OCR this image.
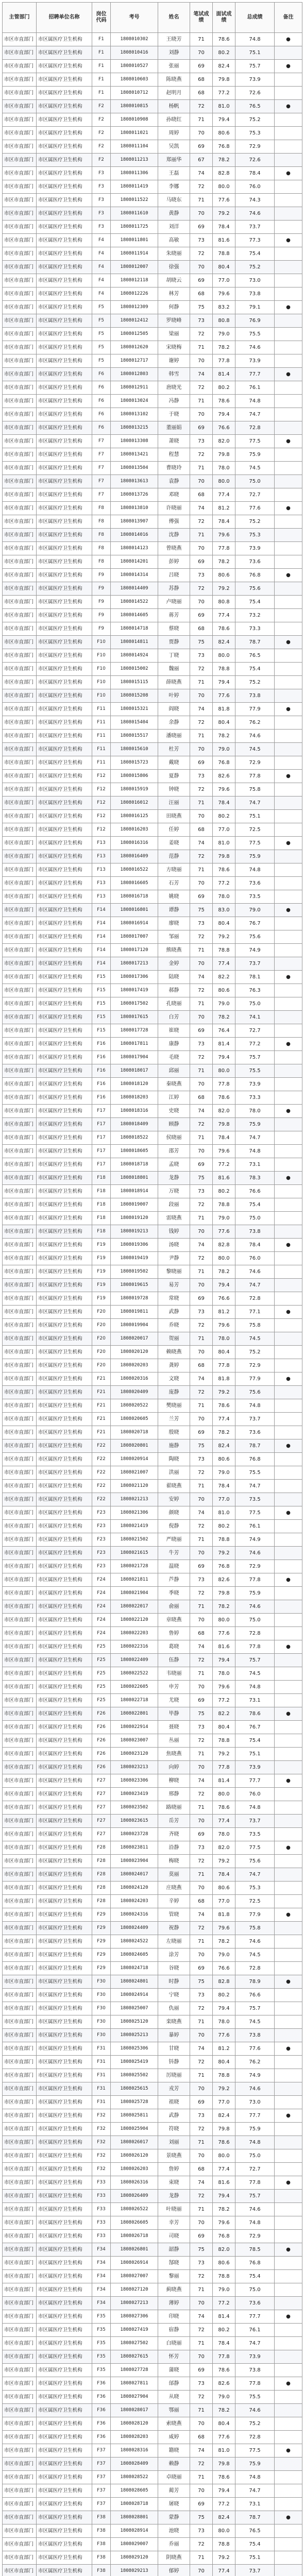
主管部门	招聘单位名称	岗位代码	考号	姓名	笔试成绩	面试成绩	总成绩	备注
市区市直部门	市区属医疗卫生机构	F1	1808010302	王晓芳	71	78.6	74.8	●
市区市直部门	市区属医疗卫生机构	F1	1808010416	刘静	70	80.2	75.1	
市区市直部门	市区属医疗卫生机构	F1	1808010527	张丽	69	82.4	75.7	●
市区市直部门	市区属医疗卫生机构	F1	1808010603	陈晓燕	68	79.8	73.9	
市区市直部门	市区属医疗卫生机构	F1	1808010712	赵明月	68	77.2	72.6	
市区市直部门	市区属医疗卫生机构	F2	1808010815	杨帆	72	81.0	76.5	●
市区市直部门	市区属医疗卫生机构	F2	1808010908	孙晓红	71	79.4	75.2	
市区市直部门	市区属医疗卫生机构	F2	1808011021	周婷	70	80.6	75.3	
市区市直部门	市区属医疗卫生机构	F2	1808011104	吴凯	69	76.8	72.9	
市区市直部门	市区属医疗卫生机构	F2	1808011213	郑丽华	67	78.2	72.6	
市区市直部门	市区属医疗卫生机构	F3	1808011306	王磊	74	82.8	78.4	●
市区市直部门	市区属医疗卫生机构	F3	1808011419	李娜	72	80.0	76.0	
市区市直部门	市区属医疗卫生机构	F3	1808011522	马晓东	71	77.6	74.3	
市区市直部门	市区属医疗卫生机构	F3	1808011610	黄静	70	79.2	74.6	
市区市直部门	市区属医疗卫生机构	F3	1808011725	刘洋	69	78.4	73.7	
市区市直部门	市区属医疗卫生机构	F4	1808011801	高敏	73	81.6	77.3	●
市区市直部门	市区属医疗卫生机构	F4	1808011914	朱晓丽	72	78.8	75.4	
市区市直部门	市区属医疗卫生机构	F4	1808012007	徐强	70	80.4	75.2	
市区市直部门	市区属医疗卫生机构	F4	1808012118	胡晓云	69	77.0	73.0	
市区市直部门	市区属医疗卫生机构	F4	1808012226	林芳	68	79.6	73.8	
市区市直部门	市区属医疗卫生机构	F5	1808012309	何静	75	83.2	79.1	●
市区市直部门	市区属医疗卫生机构	F5	1808012412	罗晓峰	73	80.8	76.9	
市区市直部门	市区属医疗卫生机构	F5	1808012505	梁丽	72	79.0	75.5	
市区市直部门	市区属医疗卫生机构	F5	1808012620	宋晓梅	71	78.2	74.6	
市区市直部门	市区属医疗卫生机构	F5	1808012717	谢婷	70	77.8	73.9	
市区市直部门	市区属医疗卫生机构	F6	1808012803	韩雪	74	81.4	77.7	●
市区市直部门	市区属医疗卫生机构	F6	1808012911	唐晓光	72	80.2	76.1	
市区市直部门	市区属医疗卫生机构	F6	1808013024	冯静	71	78.6	74.8	
市区市直部门	市区属医疗卫生机构	F6	1808013102	于晓	70	79.4	74.7	
市区市直部门	市区属医疗卫生机构	F6	1808013215	董丽娟	69	76.6	72.8	
市区市直部门	市区属医疗卫生机构	F7	1808013308	萧晓	73	82.0	77.5	●
市区市直部门	市区属医疗卫生机构	F7	1808013421	程慧	72	79.8	75.9	
市区市直部门	市区属医疗卫生机构	F7	1808013504	曹晓玲	71	78.0	74.5	
市区市直部门	市区属医疗卫生机构	F7	1808013613	袁静	70	80.0	75.0	
市区市直部门	市区属医疗卫生机构	F7	1808013726	邓晓	68	77.4	72.7	
市区市直部门	市区属医疗卫生机构	F8	1808013810	许晓丽	74	81.2	77.6	●
市区市直部门	市区属医疗卫生机构	F8	1808013907	傅强	72	78.4	75.2	
市区市直部门	市区属医疗卫生机构	F8	1808014016	沈静	71	79.6	75.3	
市区市直部门	市区属医疗卫生机构	F8	1808014123	曾晓燕	70	77.8	73.9	
市区市直部门	市区属医疗卫生机构	F8	1808014201	彭婷	69	78.2	73.6	
市区市直部门	市区属医疗卫生机构	F9	1808014314	吕晓	73	80.6	76.8	●
市区市直部门	市区属医疗卫生机构	F9	1808014409	苏静	72	79.2	75.6	
市区市直部门	市区属医疗卫生机构	F9	1808014522	卢晓丽	70	80.8	75.4	
市区市直部门	市区属医疗卫生机构	F9	1808014605	蒋芳	69	77.4	73.2	
市区市直部门	市区属医疗卫生机构	F9	1808014718	蔡晓	68	78.6	73.3	
市区市直部门	市区属医疗卫生机构	F10	1808014811	贾静	75	82.4	78.7	●
市区市直部门	市区属医疗卫生机构	F10	1808014924	丁晓	73	80.0	76.5	
市区市直部门	市区属医疗卫生机构	F10	1808015002	魏丽	72	78.8	75.4	
市区市直部门	市区属医疗卫生机构	F10	1808015115	薛晓燕	71	79.4	75.2	
市区市直部门	市区属医疗卫生机构	F10	1808015208	叶婷	70	77.6	73.8	
市区市直部门	市区属医疗卫生机构	F11	1808015321	阎晓	74	81.8	77.9	●
市区市直部门	市区属医疗卫生机构	F11	1808015404	余静	72	80.4	76.2	
市区市直部门	市区属医疗卫生机构	F11	1808015517	潘晓丽	71	78.2	74.6	
市区市直部门	市区属医疗卫生机构	F11	1808015610	杜芳	70	79.0	74.5	
市区市直部门	市区属医疗卫生机构	F11	1808015723	戴晓	69	76.8	72.9	
市区市直部门	市区属医疗卫生机构	F12	1808015806	夏静	73	82.6	77.8	●
市区市直部门	市区属医疗卫生机构	F12	1808015919	钟晓	72	79.6	75.8	
市区市直部门	市区属医疗卫生机构	F12	1808016012	汪丽	71	78.4	74.7	
市区市直部门	市区属医疗卫生机构	F12	1808016125	田晓燕	70	80.2	75.1	
市区市直部门	市区属医疗卫生机构	F12	1808016203	任婷	68	77.0	72.5	
市区市直部门	市区属医疗卫生机构	F13	1808016316	姜晓	74	81.0	77.5	●
市区市直部门	市区属医疗卫生机构	F13	1808016409	范静	72	79.8	75.9	
市区市直部门	市区属医疗卫生机构	F13	1808016522	方晓丽	71	78.6	74.8	
市区市直部门	市区属医疗卫生机构	F13	1808016605	石芳	70	77.2	73.6	
市区市直部门	市区属医疗卫生机构	F13	1808016718	姚晓	69	78.0	73.5	
市区市直部门	市区属医疗卫生机构	F14	1808016801	谭静	75	83.0	79.0	●
市区市直部门	市区属医疗卫生机构	F14	1808016914	廖晓	73	80.4	76.7	
市区市直部门	市区属医疗卫生机构	F14	1808017007	邹丽	72	79.2	75.6	
市区市直部门	市区属医疗卫生机构	F14	1808017120	熊晓燕	71	78.8	74.9	
市区市直部门	市区属医疗卫生机构	F14	1808017213	金婷	70	77.4	73.7	
市区市直部门	市区属医疗卫生机构	F15	1808017306	陆晓	74	82.2	78.1	●
市区市直部门	市区属医疗卫生机构	F15	1808017419	郝静	72	80.6	76.3	
市区市直部门	市区属医疗卫生机构	F15	1808017502	孔晓丽	71	79.0	75.0	
市区市直部门	市区属医疗卫生机构	F15	1808017615	白芳	70	78.2	74.1	
市区市直部门	市区属医疗卫生机构	F15	1808017728	崔晓	69	76.4	72.7	
市区市直部门	市区属医疗卫生机构	F16	1808017811	康静	73	81.4	77.2	●
市区市直部门	市区属医疗卫生机构	F16	1808017904	毛晓	72	79.4	75.7	
市区市直部门	市区属医疗卫生机构	F16	1808018017	邱丽	71	80.0	75.5	
市区市直部门	市区属医疗卫生机构	F16	1808018120	秦晓燕	70	77.8	73.9	
市区市直部门	市区属医疗卫生机构	F16	1808018203	江婷	68	78.6	73.3	
市区市直部门	市区属医疗卫生机构	F17	1808018316	史晓	74	82.0	78.0	●
市区市直部门	市区属医疗卫生机构	F17	1808018409	顾静	72	79.8	75.9	
市区市直部门	市区属医疗卫生机构	F17	1808018522	侯晓丽	71	78.4	74.7	
市区市直部门	市区属医疗卫生机构	F17	1808018605	邵芳	70	79.6	74.8	
市区市直部门	市区属医疗卫生机构	F17	1808018718	孟晓	69	77.2	73.1	
市区市直部门	市区属医疗卫生机构	F18	1808018801	龙静	75	81.6	78.3	●
市区市直部门	市区属医疗卫生机构	F18	1808018914	万晓	73	80.2	76.6	
市区市直部门	市区属医疗卫生机构	F18	1808019007	段丽	72	78.8	75.4	
市区市直部门	市区属医疗卫生机构	F18	1808019120	雷晓燕	71	79.0	75.0	
市区市直部门	市区属医疗卫生机构	F18	1808019213	钱婷	70	77.6	73.8	
市区市直部门	市区属医疗卫生机构	F19	1808019306	汤晓	74	82.8	78.4	●
市区市直部门	市区属医疗卫生机构	F19	1808019419	尹静	72	80.0	76.0	
市区市直部门	市区属医疗卫生机构	F19	1808019502	黎晓丽	71	78.2	74.6	
市区市直部门	市区属医疗卫生机构	F19	1808019615	易芳	70	79.4	74.7	
市区市直部门	市区属医疗卫生机构	F19	1808019728	常晓	69	76.6	72.8	
市区市直部门	市区属医疗卫生机构	F20	1808019811	武静	73	81.2	77.1	●
市区市直部门	市区属医疗卫生机构	F20	1808019904	乔晓	72	79.6	75.8	
市区市直部门	市区属医疗卫生机构	F20	1808020017	贺丽	71	78.0	74.5	
市区市直部门	市区属医疗卫生机构	F20	1808020120	赖晓燕	70	80.4	75.2	
市区市直部门	市区属医疗卫生机构	F20	1808020203	龚婷	68	77.8	72.9	
市区市直部门	市区属医疗卫生机构	F21	1808020316	文晓	74	81.8	77.9	●
市区市直部门	市区属医疗卫生机构	F21	1808020409	庞静	72	79.2	75.6	
市区市直部门	市区属医疗卫生机构	F21	1808020522	樊晓丽	71	78.6	74.8	
市区市直部门	市区属医疗卫生机构	F21	1808020605	兰芳	70	77.4	73.7	
市区市直部门	市区属医疗卫生机构	F21	1808020718	殷晓	69	78.2	73.6	
市区市直部门	市区属医疗卫生机构	F22	1808020801	施静	75	82.4	78.7	●
市区市直部门	市区属医疗卫生机构	F22	1808020914	陶晓	73	80.6	76.8	
市区市直部门	市区属医疗卫生机构	F22	1808021007	洪丽	72	79.0	75.5	
市区市直部门	市区属医疗卫生机构	F22	1808021120	翟晓燕	71	78.4	74.7	
市区市直部门	市区属医疗卫生机构	F22	1808021213	安婷	70	77.0	73.5	
市区市直部门	市区属医疗卫生机构	F23	1808021306	颜晓	74	81.0	77.5	●
市区市直部门	市区属医疗卫生机构	F23	1808021419	倪静	72	80.2	76.1	
市区市直部门	市区属医疗卫生机构	F23	1808021502	严晓丽	71	78.8	74.9	
市区市直部门	市区属医疗卫生机构	F23	1808021615	牛芳	70	79.2	74.6	
市区市直部门	市区属医疗卫生机构	F23	1808021728	温晓	69	76.8	72.9	
市区市直部门	市区属医疗卫生机构	F24	1808021811	芦静	73	82.6	77.8	●
市区市直部门	市区属医疗卫生机构	F24	1808021904	季晓	72	79.8	75.9	
市区市直部门	市区属医疗卫生机构	F24	1808022017	俞丽	71	78.2	74.6	
市区市直部门	市区属医疗卫生机构	F24	1808022120	章晓燕	70	80.0	75.0	
市区市直部门	市区属医疗卫生机构	F24	1808022203	鲁婷	68	77.6	72.8	
市区市直部门	市区属医疗卫生机构	F25	1808022316	葛晓	74	81.6	77.8	●
市区市直部门	市区属医疗卫生机构	F25	1808022409	伍静	72	79.4	75.7	
市区市直部门	市区属医疗卫生机构	F25	1808022522	韦晓丽	71	78.0	74.5	
市区市直部门	市区属医疗卫生机构	F25	1808022605	申芳	70	79.6	74.8	
市区市直部门	市区属医疗卫生机构	F25	1808022718	尤晓	69	77.2	73.1	
市区市直部门	市区属医疗卫生机构	F26	1808022801	毕静	75	82.2	78.6	●
市区市直部门	市区属医疗卫生机构	F26	1808022914	聂晓	73	80.4	76.7	
市区市直部门	市区属医疗卫生机构	F26	1808023007	丛丽	72	78.8	75.4	
市区市直部门	市区属医疗卫生机构	F26	1808023120	焦晓燕	71	79.2	75.1	
市区市直部门	市区属医疗卫生机构	F26	1808023213	向婷	70	77.8	73.9	
市区市直部门	市区属医疗卫生机构	F27	1808023306	柳晓	74	81.4	77.7	●
市区市直部门	市区属医疗卫生机构	F27	1808023419	邢静	72	80.0	76.0	
市区市直部门	市区属医疗卫生机构	F27	1808023502	路晓丽	71	78.6	74.8	
市区市直部门	市区属医疗卫生机构	F27	1808023615	岳芳	70	77.4	73.7	
市区市直部门	市区属医疗卫生机构	F27	1808023728	齐晓	69	78.0	73.5	
市区市直部门	市区属医疗卫生机构	F28	1808023811	沿静	73	82.0	77.5	●
市区市直部门	市区属医疗卫生机构	F28	1808023904	梅晓	72	79.2	75.6	
市区市直部门	市区属医疗卫生机构	F28	1808024017	莫丽	71	78.4	74.7	
市区市直部门	市区属医疗卫生机构	F28	1808024120	庄晓燕	70	80.6	75.3	
市区市直部门	市区属医疗卫生机构	F28	1808024203	辛婷	68	77.0	72.5	
市区市直部门	市区属医疗卫生机构	F29	1808024316	管晓	74	81.8	77.9	●
市区市直部门	市区属医疗卫生机构	F29	1808024409	祝静	72	79.6	75.8	
市区市直部门	市区属医疗卫生机构	F29	1808024522	左晓丽	71	78.2	74.6	
市区市直部门	市区属医疗卫生机构	F29	1808024605	涂芳	70	79.0	74.5	
市区市直部门	市区属医疗卫生机构	F29	1808024718	谷晓	69	76.6	72.8	
市区市直部门	市区属医疗卫生机构	F30	1808024801	时静	75	82.8	78.9	●
市区市直部门	市区属医疗卫生机构	F30	1808024914	宁晓	73	80.2	76.6	
市区市直部门	市区属医疗卫生机构	F30	1808025007	仇丽	72	79.4	75.7	
市区市直部门	市区属医疗卫生机构	F30	1808025120	栾晓燕	71	78.0	74.5	
市区市直部门	市区属医疗卫生机构	F30	1808025213	暴婷	70	77.6	73.8	
市区市直部门	市区属医疗卫生机构	F31	1808025306	甘晓	74	81.2	77.6	●
市区市直部门	市区属医疗卫生机构	F31	1808025419	钭静	72	80.4	76.2	
市区市直部门	市区属医疗卫生机构	F31	1808025502	厉晓丽	71	78.8	74.9	
市区市直部门	市区属医疗卫生机构	F31	1808025615	戎芳	70	79.2	74.6	
市区市直部门	市区属医疗卫生机构	F31	1808025728	祖晓	69	77.0	73.0	
市区市直部门	市区属医疗卫生机构	F32	1808025811	武静	73	82.4	77.7	●
市区市直部门	市区属医疗卫生机构	F32	1808025904	符晓	72	79.8	75.9	
市区市直部门	市区属医疗卫生机构	F32	1808026017	刘丽	71	78.6	74.8	
市区市直部门	市区属医疗卫生机构	F32	1808026120	景晓燕	70	80.0	75.0	
市区市直部门	市区属医疗卫生机构	F32	1808026203	詹婷	68	77.4	72.7	
市区市直部门	市区属医疗卫生机构	F33	1808026316	束晓	74	81.6	77.8	●
市区市直部门	市区属医疗卫生机构	F33	1808026409	龙静	72	79.4	75.7	
市区市直部门	市区属医疗卫生机构	F33	1808026522	叶晓丽	71	78.2	74.6	
市区市直部门	市区属医疗卫生机构	F33	1808026605	幸芳	70	79.6	74.8	
市区市直部门	市区属医疗卫生机构	F33	1808026718	司晓	69	76.8	72.9	
市区市直部门	市区属医疗卫生机构	F34	1808026801	韶静	75	82.0	78.5	●
市区市直部门	市区属医疗卫生机构	F34	1808026914	郜晓	73	80.6	76.8	
市区市直部门	市区属医疗卫生机构	F34	1808027007	黎丽	72	78.8	75.4	
市区市直部门	市区属医疗卫生机构	F34	1808027120	蓟晓燕	71	79.0	75.0	
市区市直部门	市区属医疗卫生机构	F34	1808027213	薄婷	70	77.2	73.6	
市区市直部门	市区属医疗卫生机构	F35	1808027306	印晓	74	81.4	77.7	●
市区市直部门	市区属医疗卫生机构	F35	1808027419	宿静	72	80.2	76.1	
市区市直部门	市区属医疗卫生机构	F35	1808027502	白晓丽	71	78.4	74.7	
市区市直部门	市区属医疗卫生机构	F35	1808027615	怀芳	70	77.8	73.9	
市区市直部门	市区属医疗卫生机构	F35	1808027728	蒲晓	69	78.6	73.8	
市区市直部门	市区属医疗卫生机构	F36	1808027811	邰静	73	82.6	77.8	●
市区市直部门	市区属医疗卫生机构	F36	1808027904	从晓	72	79.0	75.5	
市区市直部门	市区属医疗卫生机构	F36	1808028017	鄂丽	71	78.2	74.6	
市区市直部门	市区属医疗卫生机构	F36	1808028120	索晓燕	70	80.4	75.2	
市区市直部门	市区属医疗卫生机构	F36	1808028203	咸婷	68	77.6	72.8	
市区市直部门	市区属医疗卫生机构	F37	1808028316	籍晓	74	81.0	77.5	●
市区市直部门	市区属医疗卫生机构	F37	1808028409	赖静	72	79.8	75.9	
市区市直部门	市区属医疗卫生机构	F37	1808028522	卓晓丽	71	78.6	74.8	
市区市直部门	市区属医疗卫生机构	F37	1808028605	蔺芳	70	79.4	74.7	
市区市直部门	市区属医疗卫生机构	F37	1808028718	屠晓	69	77.2	73.1	
市区市直部门	市区属医疗卫生机构	F38	1808028801	蒙静	75	82.4	78.7	●
市区市直部门	市区属医疗卫生机构	F38	1808028914	池晓	73	80.0	76.5	
市区市直部门	市区属医疗卫生机构	F38	1808029007	乔丽	72	78.8	75.4	
市区市直部门	市区属医疗卫生机构	F38	1808029120	阴晓燕	71	79.2	75.1	
市区市直部门	市区属医疗卫生机构	F38	1808029213	郁婷	70	77.4	73.7	
